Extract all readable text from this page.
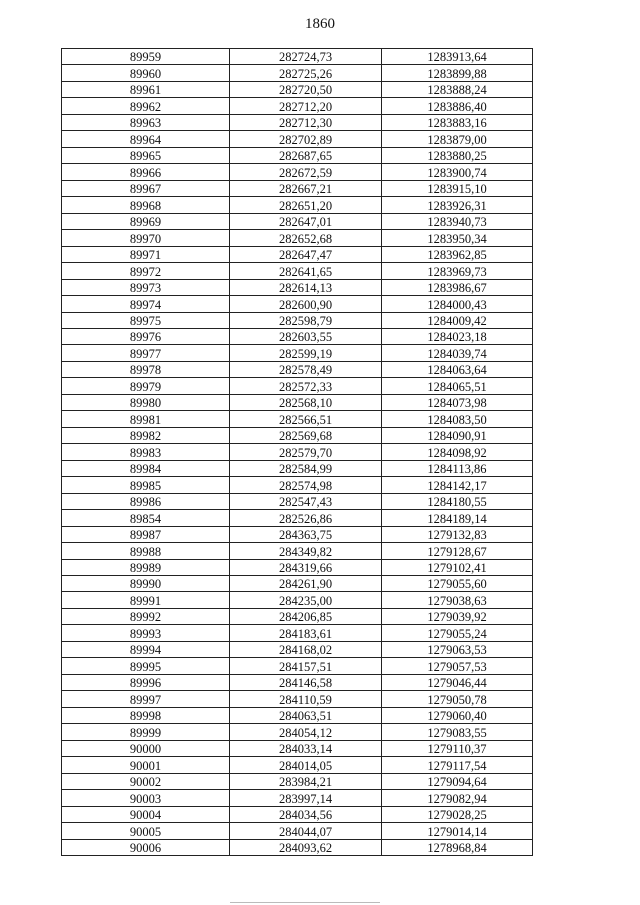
1860
89959	282724,73	1283913,64
89960	282725,26	1283899,88
89961	282720,50	1283888,24
89962	282712,20	1283886,40
89963	282712,30	1283883,16
89964	282702,89	1283879,00
89965	282687,65	1283880,25
89966	282672,59	1283900,74
89967	282667,21	1283915,10
89968	282651,20	1283926,31
89969	282647,01	1283940,73
89970	282652,68	1283950,34
89971	282647,47	1283962,85
89972	282641,65	1283969,73
89973	282614,13	1283986,67
89974	282600,90	1284000,43
89975	282598,79	1284009,42
89976	282603,55	1284023,18
89977	282599,19	1284039,74
89978	282578,49	1284063,64
89979	282572,33	1284065,51
89980	282568,10	1284073,98
89981	282566,51	1284083,50
89982	282569,68	1284090,91
89983	282579,70	1284098,92
89984	282584,99	1284113,86
89985	282574,98	1284142,17
89986	282547,43	1284180,55
89854	282526,86	1284189,14
89987	284363,75	1279132,83
89988	284349,82	1279128,67
89989	284319,66	1279102,41
89990	284261,90	1279055,60
89991	284235,00	1279038,63
89992	284206,85	1279039,92
89993	284183,61	1279055,24
89994	284168,02	1279063,53
89995	284157,51	1279057,53
89996	284146,58	1279046,44
89997	284110,59	1279050,78
89998	284063,51	1279060,40
89999	284054,12	1279083,55
90000	284033,14	1279110,37
90001	284014,05	1279117,54
90002	283984,21	1279094,64
90003	283997,14	1279082,94
90004	284034,56	1279028,25
90005	284044,07	1279014,14
90006	284093,62	1278968,84
